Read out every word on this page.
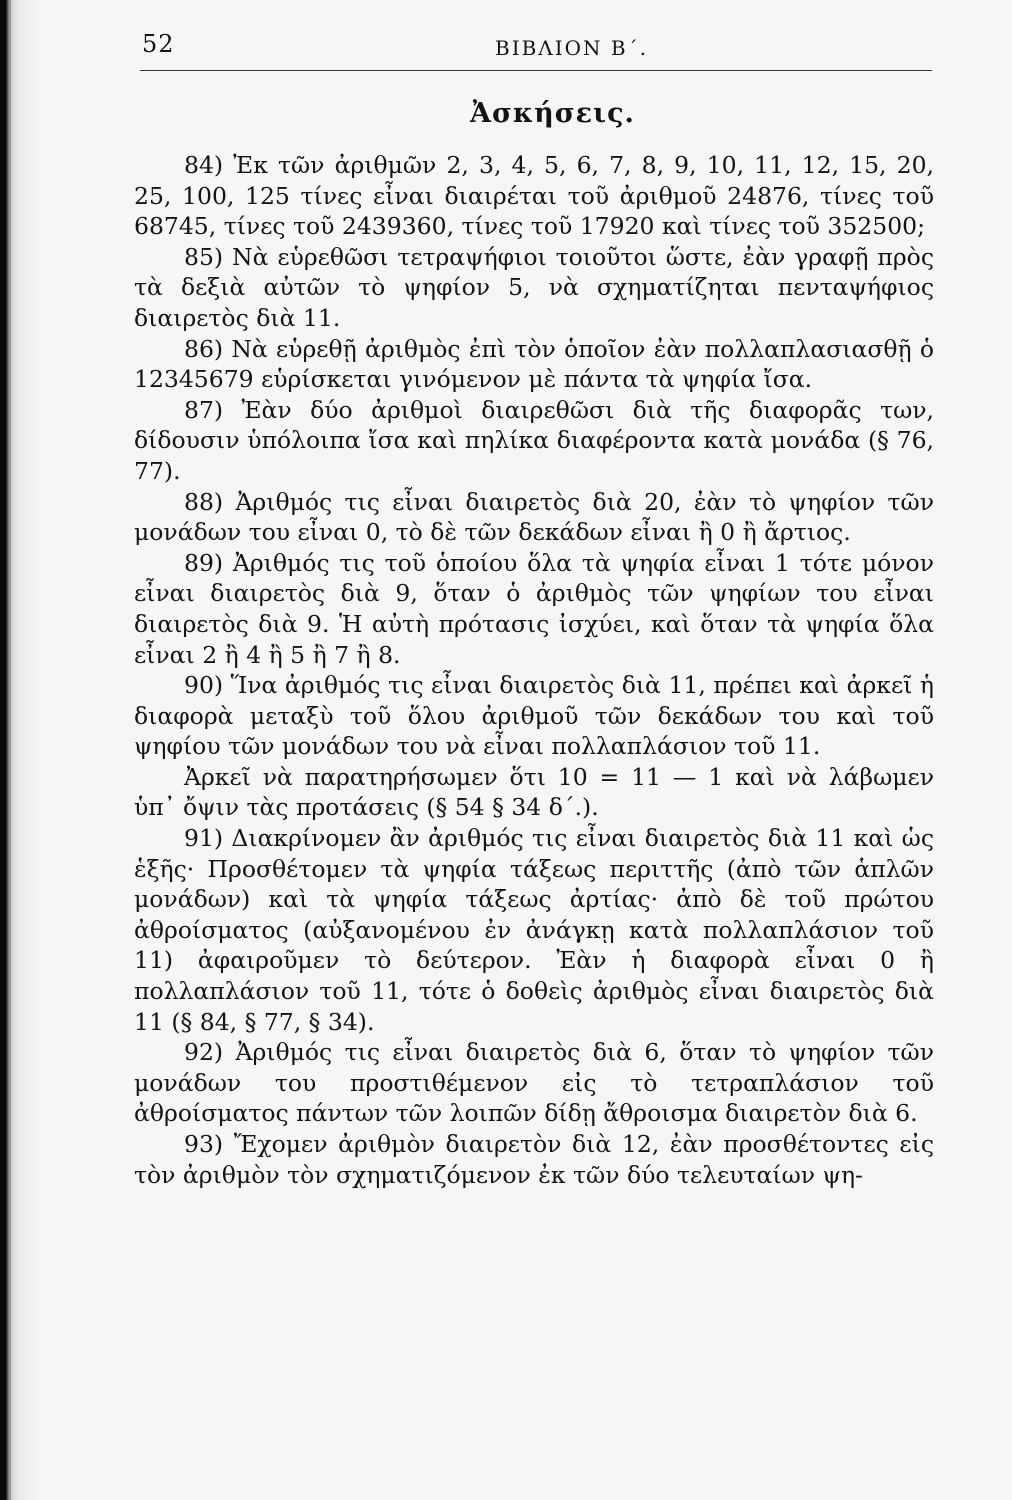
52	ΒΙΒΛΙΟΝ Β΄.
Ἀσκήσεις.

84) Ἐκ τῶν ἀριθμῶν 2, 3, 4, 5, 6, 7, 8, 9, 10, 11, 12, 15, 20, 25, 100, 125 τίνες εἶναι διαιρέται τοῦ ἀριθμοῦ 24876, τίνες τοῦ 68745, τίνες τοῦ 2439360, τίνες τοῦ 17920 καὶ τίνες τοῦ 352500;

85) Νὰ εὑρεθῶσι τετραψήφιοι τοιοῦτοι ὥστε, ἐὰν γραφῇ πρὸς τὰ δεξιὰ αὐτῶν τὸ ψηφίον 5, νὰ σχηματίζηται πενταψήφιος διαιρετὸς διὰ 11.

86) Νὰ εὑρεθῇ ἀριθμὸς ἐπὶ τὸν ὁποῖον ἐὰν πολλαπλασιασθῇ ὁ 12345679 εὑρίσκεται γινόμενον μὲ πάντα τὰ ψηφία ἴσα.

87) Ἐὰν δύο ἀριθμοὶ διαιρεθῶσι διὰ τῆς διαφορᾶς των, δίδουσιν ὑπόλοιπα ἴσα καὶ πηλίκα διαφέροντα κατὰ μονάδα (§ 76, 77).

88) Ἀριθμός τις εἶναι διαιρετὸς διὰ 20, ἐὰν τὸ ψηφίον τῶν μονάδων του εἶναι 0, τὸ δὲ τῶν δεκάδων εἶναι ἢ 0 ἢ ἄρτιος.

89) Ἀριθμός τις τοῦ ὁποίου ὅλα τὰ ψηφία εἶναι 1 τότε μόνον εἶναι διαιρετὸς διὰ 9, ὅταν ὁ ἀριθμὸς τῶν ψηφίων του εἶναι διαιρετὸς διὰ 9. Ἡ αὐτὴ πρότασις ἰσχύει, καὶ ὅταν τὰ ψηφία ὅλα εἶναι 2 ἢ 4 ἢ 5 ἢ 7 ἢ 8.

90) Ἵνα ἀριθμός τις εἶναι διαιρετὸς διὰ 11, πρέπει καὶ ἀρκεῖ ἡ διαφορὰ μεταξὺ τοῦ ὅλου ἀριθμοῦ τῶν δεκάδων του καὶ τοῦ ψηφίου τῶν μονάδων του νὰ εἶναι πολλαπλάσιον τοῦ 11.

Ἀρκεῖ νὰ παρατηρήσωμεν ὅτι 10 = 11 — 1 καὶ νὰ λάβωμεν ὑπ᾽ ὄψιν τὰς προτάσεις (§ 54 § 34 δ΄.).

91) Διακρίνομεν ἂν ἀριθμός τις εἶναι διαιρετὸς διὰ 11 καὶ ὡς ἑξῆς· Προσθέτομεν τὰ ψηφία τάξεως περιττῆς (ἀπὸ τῶν ἁπλῶν μονάδων) καὶ τὰ ψηφία τάξεως ἀρτίας· ἀπὸ δὲ τοῦ πρώτου ἀθροίσματος (αὐξανομένου ἐν ἀνάγκῃ κατὰ πολλαπλάσιον τοῦ 11) ἀφαιροῦμεν τὸ δεύτερον. Ἐὰν ἡ διαφορὰ εἶναι 0 ἢ πολλαπλάσιον τοῦ 11, τότε ὁ δοθεὶς ἀριθμὸς εἶναι διαιρετὸς διὰ 11 (§ 84, § 77, § 34).

92) Ἀριθμός τις εἶναι διαιρετὸς διὰ 6, ὅταν τὸ ψηφίον τῶν μονάδων του προστιθέμενον εἰς τὸ τετραπλάσιον τοῦ ἀθροίσματος πάντων τῶν λοιπῶν δίδῃ ἄθροισμα διαιρετὸν διὰ 6.

93) Ἔχομεν ἀριθμὸν διαιρετὸν διὰ 12, ἐὰν προσθέτοντες εἰς τὸν ἀριθμὸν τὸν σχηματιζόμενον ἐκ τῶν δύο τελευταίων ψη-
